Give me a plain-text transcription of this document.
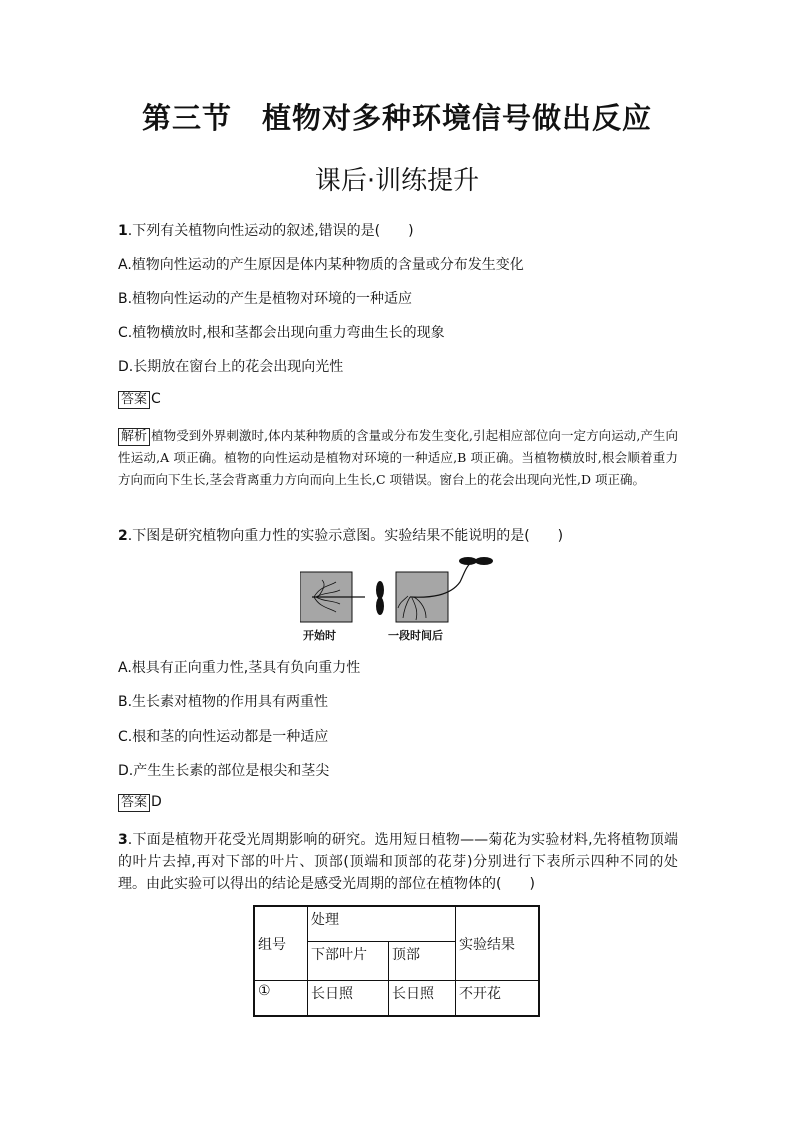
第三节　植物对多种环境信号做出反应
课后·训练提升
1.下列有关植物向性运动的叙述,错误的是(　　)
A.植物向性运动的产生原因是体内某种物质的含量或分布发生变化
B.植物向性运动的产生是植物对环境的一种适应
C.植物横放时,根和茎都会出现向重力弯曲生长的现象
D.长期放在窗台上的花会出现向光性
答案 C
解析 植物受到外界刺激时,体内某种物质的含量或分布发生变化,引起相应部位向一定方向运动,产生向性运动,A 项正确。植物的向性运动是植物对环境的一种适应,B 项正确。当植物横放时,根会顺着重力方向而向下生长,茎会背离重力方向而向上生长,C 项错误。窗台上的花会出现向光性,D 项正确。
2.下图是研究植物向重力性的实验示意图。实验结果不能说明的是(　　)
开始时	一段时间后
A.根具有正向重力性,茎具有负向重力性
B.生长素对植物的作用具有两重性
C.根和茎的向性运动都是一种适应
D.产生生长素的部位是根尖和茎尖
答案 D
3.下面是植物开花受光周期影响的研究。选用短日植物——菊花为实验材料,先将植物顶端的叶片去掉,再对下部的叶片、顶部(顶端和顶部的花芽)分别进行下表所示四种不同的处理。由此实验可以得出的结论是感受光周期的部位在植物体的(　　)
组号	处理		实验结果
	下部叶片	顶部	
①	长日照	长日照	不开花
